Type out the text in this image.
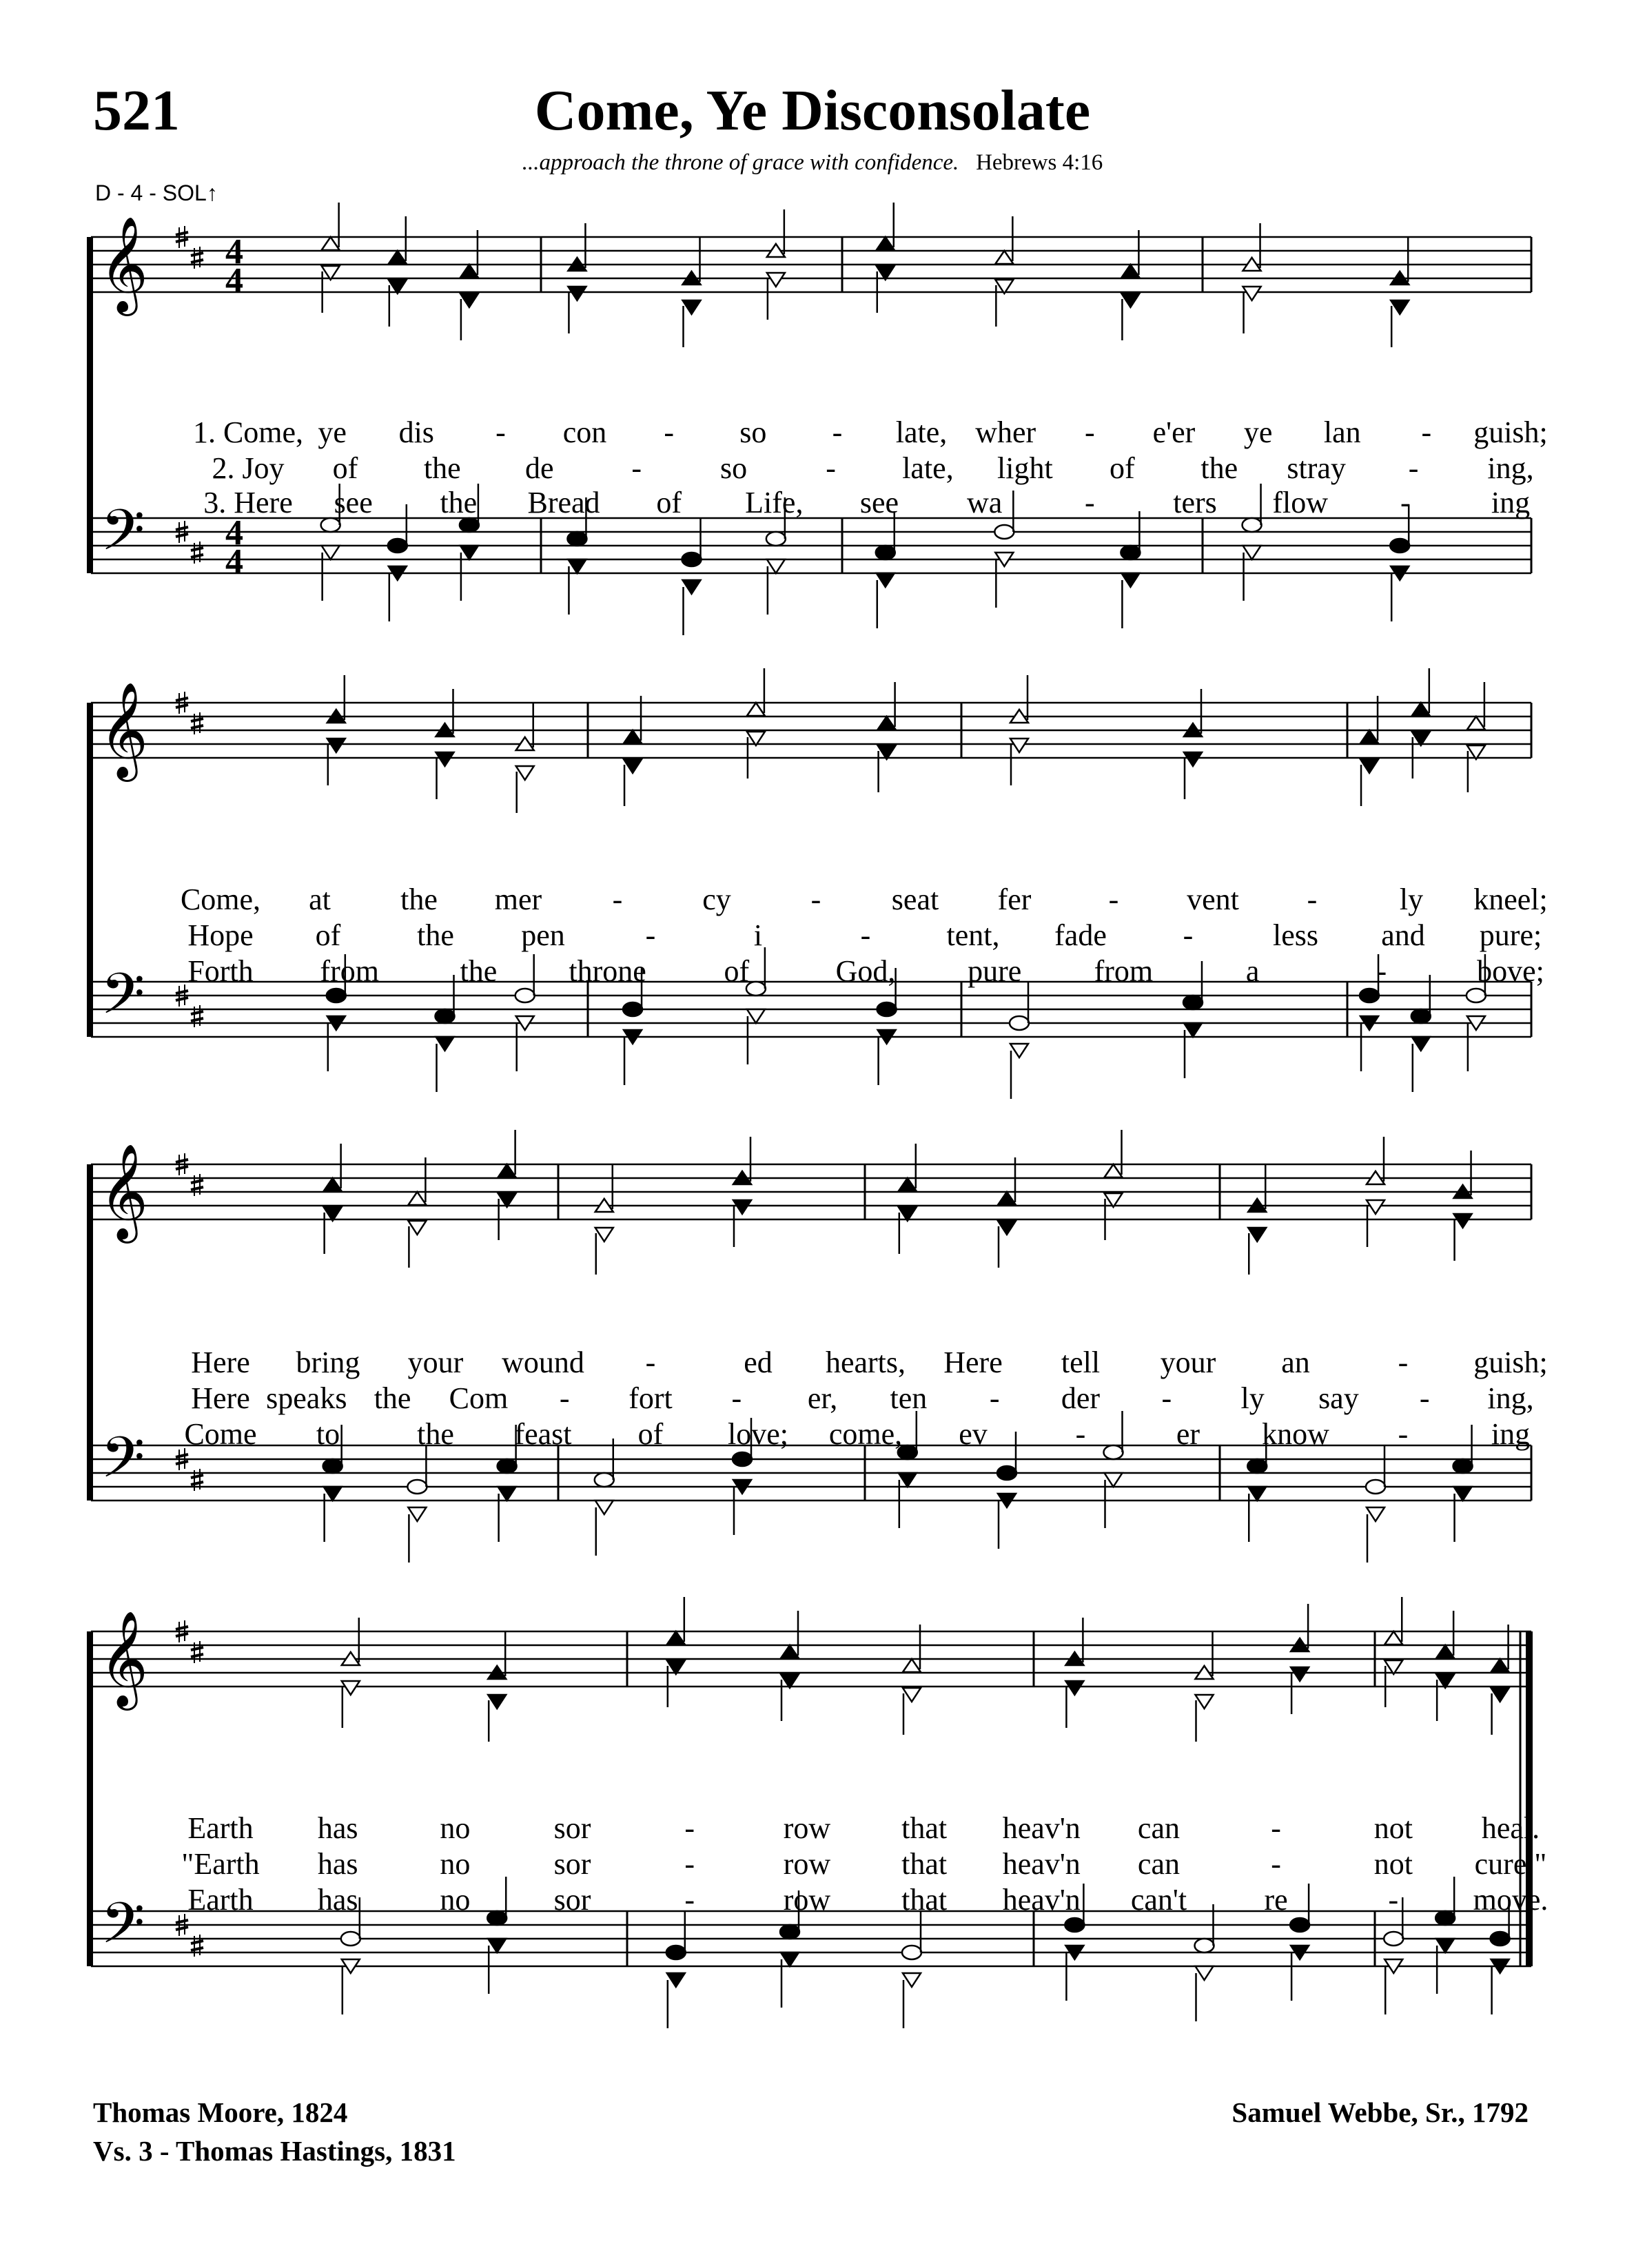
521	Come, Ye Disconsolate
...approach the throne of grace with confidence. Hebrews 4:16
D - 4 - SOL↑
𝄞
𝄢
4
4
4
4
1. Come, ye dis - con - so - late, wher - e'er ye lan - guish;
2. Joy of the de	-	so	- late, light of the stray - ing,
3. Here see the Bread of Life, see wa	-	ters flow -	ing
𝄞
𝄢
Come, at the mer -	cy	- seat fer	- vent -	ly kneel;
Hope of	the pen	-	i	-	tent, fade	-	less and pure;
Forth from	the throne	of	God, pure from	a	-	bove;
𝄞
𝄢
Here bring your wound -	ed hearts, Here tell your an	- guish;
Here speaks the Com - fort - er, ten - der - ly say - ing,
Come to	the feast of love; come, ev	-	er know -	ing
𝄞
𝄢
Earth has	no	sor	-	row that heav'n can	-	not heal.
"Earth has	no	sor	-	row that heav'n can	-	not cure."
Earth has	no	sor	-	row that heav'n can't	re	- move.
Thomas Moore, 1824
Vs. 3 - Thomas Hastings, 1831
Samuel Webbe, Sr., 1792
